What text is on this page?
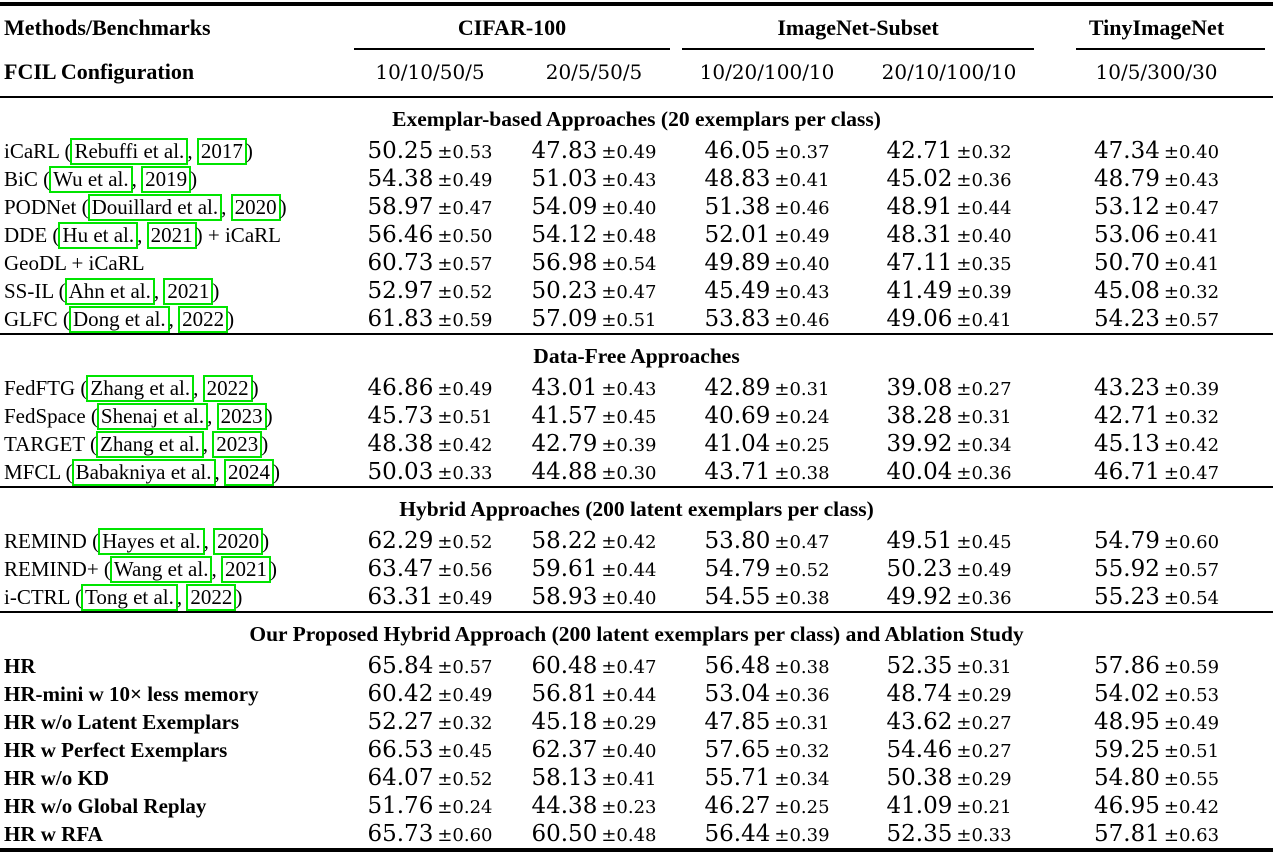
Methods/Benchmarks	CIFAR-100		ImageNet-Subset		TinyImageNet

FCIL Configuration	10/10/50/5	20/5/50/5	10/20/100/10	20/10/100/10	10/5/300/30
Exemplar-based Approaches (20 exemplars per class)					
iCaRL ( Rebuffi et al. , 2017 )	50.25 ±0.53	47.83 ±0.49	46.05 ±0.37	42.71 ±0.32	47.34 ±0.40
BiC ( Wu et al. , 2019 )	54.38 ±0.49	51.03 ±0.43	48.83 ±0.41	45.02 ±0.36	48.79 ±0.43
PODNet ( Douillard et al. , 2020 )	58.97 ±0.47	54.09 ±0.40	51.38 ±0.46	48.91 ±0.44	53.12 ±0.47
DDE ( Hu et al. , 2021 ) + iCaRL	56.46 ±0.50	54.12 ±0.48	52.01 ±0.49	48.31 ±0.40	53.06 ±0.41
GeoDL + iCaRL	60.73 ±0.57	56.98 ±0.54	49.89 ±0.40	47.11 ±0.35	50.70 ±0.41
SS-IL ( Ahn et al. , 2021 )	52.97 ±0.52	50.23 ±0.47	45.49 ±0.43	41.49 ±0.39	45.08 ±0.32
GLFC ( Dong et al. , 2022 )	61.83 ±0.59	57.09 ±0.51	53.83 ±0.46	49.06 ±0.41	54.23 ±0.57
Data-Free Approaches					
FedFTG ( Zhang et al. , 2022 )	46.86 ±0.49	43.01 ±0.43	42.89 ±0.31	39.08 ±0.27	43.23 ±0.39
FedSpace ( Shenaj et al. , 2023 )	45.73 ±0.51	41.57 ±0.45	40.69 ±0.24	38.28 ±0.31	42.71 ±0.32
TARGET ( Zhang et al. , 2023 )	48.38 ±0.42	42.79 ±0.39	41.04 ±0.25	39.92 ±0.34	45.13 ±0.42
MFCL ( Babakniya et al. , 2024 )	50.03 ±0.33	44.88 ±0.30	43.71 ±0.38	40.04 ±0.36	46.71 ±0.47
Hybrid Approaches (200 latent exemplars per class)					
REMIND ( Hayes et al. , 2020 )	62.29 ±0.52	58.22 ±0.42	53.80 ±0.47	49.51 ±0.45	54.79 ±0.60
REMIND+ ( Wang et al. , 2021 )	63.47 ±0.56	59.61 ±0.44	54.79 ±0.52	50.23 ±0.49	55.92 ±0.57
i-CTRL ( Tong et al. , 2022 )	63.31 ±0.49	58.93 ±0.40	54.55 ±0.38	49.92 ±0.36	55.23 ±0.54
Our Proposed Hybrid Approach (200 latent exemplars per class) and Ablation Study					
HR	65.84 ±0.57	60.48 ±0.47	56.48 ±0.38	52.35 ±0.31	57.86 ±0.59
HR-mini w 10× less memory	60.42 ±0.49	56.81 ±0.44	53.04 ±0.36	48.74 ±0.29	54.02 ±0.53
HR w/o Latent Exemplars	52.27 ±0.32	45.18 ±0.29	47.85 ±0.31	43.62 ±0.27	48.95 ±0.49
HR w Perfect Exemplars	66.53 ±0.45	62.37 ±0.40	57.65 ±0.32	54.46 ±0.27	59.25 ±0.51
HR w/o KD	64.07 ±0.52	58.13 ±0.41	55.71 ±0.34	50.38 ±0.29	54.80 ±0.55
HR w/o Global Replay	51.76 ±0.24	44.38 ±0.23	46.27 ±0.25	41.09 ±0.21	46.95 ±0.42
HR w RFA	65.73 ±0.60	60.50 ±0.48	56.44 ±0.39	52.35 ±0.33	57.81 ±0.63
